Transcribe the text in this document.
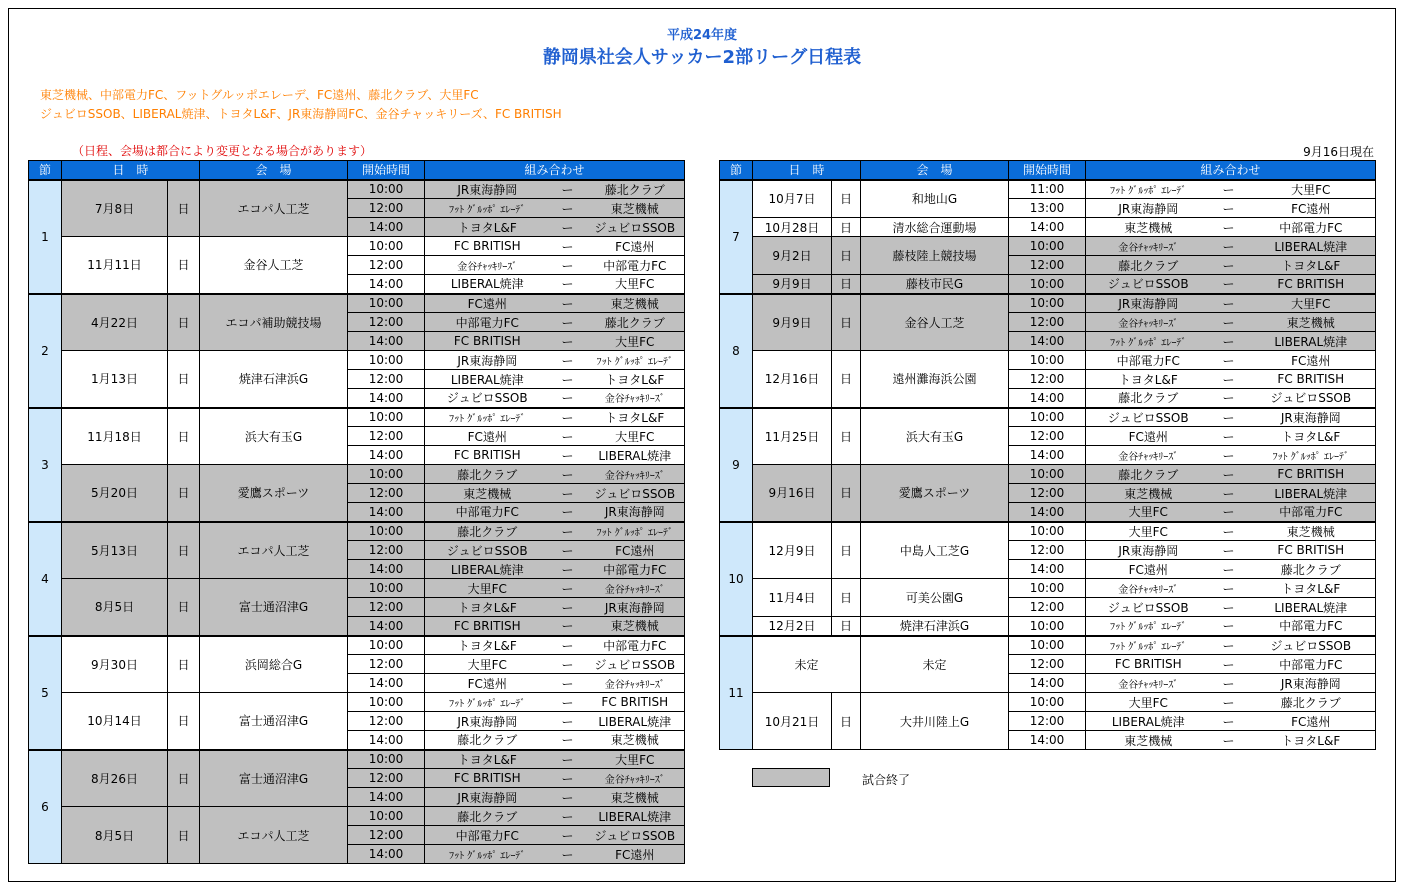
平成24年度
静岡県社会人サッカー2部リーグ日程表
東芝機械、中部電力FC、フットグルッポエレーデ、FC遠州、藤北クラブ、大里FC
ジュビロSSOB、LIBERAL焼津、トヨタL&F、JR東海静岡FC、金谷チャッキリーズ、FC BRITISH
（日程、会場は都合により変更となる場合があります）	9月16日現在
節	日　時		会　場	開始時間	組み合わせ		
1	7月8日	日	エコパ人工芝	10:00	JR東海静岡	ー	藤北クラブ
				12:00	ﾌｯﾄ ｸﾞﾙｯﾎﾟ ｴﾚｰﾃﾞ	ー	東芝機械
				14:00	トヨタL&F	ー	ジュビロSSOB
	11月11日	日	金谷人工芝	10:00	FC BRITISH	ー	FC遠州
				12:00	金谷ﾁｬｯｷﾘｰｽﾞ	ー	中部電力FC
				14:00	LIBERAL焼津	ー	大里FC
2	4月22日	日	エコパ補助競技場	10:00	FC遠州	ー	東芝機械
				12:00	中部電力FC	ー	藤北クラブ
				14:00	FC BRITISH	ー	大里FC
	1月13日	日	焼津石津浜G	10:00	JR東海静岡	ー	ﾌｯﾄ ｸﾞﾙｯﾎﾟ ｴﾚｰﾃﾞ
				12:00	LIBERAL焼津	ー	トヨタL&F
				14:00	ジュビロSSOB	ー	金谷ﾁｬｯｷﾘｰｽﾞ
3	11月18日	日	浜大有玉G	10:00	ﾌｯﾄ ｸﾞﾙｯﾎﾟ ｴﾚｰﾃﾞ	ー	トヨタL&F
				12:00	FC遠州	ー	大里FC
				14:00	FC BRITISH	ー	LIBERAL焼津
	5月20日	日	愛鷹スポーツ	10:00	藤北クラブ	ー	金谷ﾁｬｯｷﾘｰｽﾞ
				12:00	東芝機械	ー	ジュビロSSOB
				14:00	中部電力FC	ー	JR東海静岡
4	5月13日	日	エコパ人工芝	10:00	藤北クラブ	ー	ﾌｯﾄ ｸﾞﾙｯﾎﾟ ｴﾚｰﾃﾞ
				12:00	ジュビロSSOB	ー	FC遠州
				14:00	LIBERAL焼津	ー	中部電力FC
	8月5日	日	富士通沼津G	10:00	大里FC	ー	金谷ﾁｬｯｷﾘｰｽﾞ
				12:00	トヨタL&F	ー	JR東海静岡
				14:00	FC BRITISH	ー	東芝機械
5	9月30日	日	浜岡総合G	10:00	トヨタL&F	ー	中部電力FC
				12:00	大里FC	ー	ジュビロSSOB
				14:00	FC遠州	ー	金谷ﾁｬｯｷﾘｰｽﾞ
	10月14日	日	富士通沼津G	10:00	ﾌｯﾄ ｸﾞﾙｯﾎﾟ ｴﾚｰﾃﾞ	ー	FC BRITISH
				12:00	JR東海静岡	ー	LIBERAL焼津
				14:00	藤北クラブ	ー	東芝機械
6	8月26日	日	富士通沼津G	10:00	トヨタL&F	ー	大里FC
				12:00	FC BRITISH	ー	金谷ﾁｬｯｷﾘｰｽﾞ
				14:00	JR東海静岡	ー	東芝機械
	8月5日	日	エコパ人工芝	10:00	藤北クラブ	ー	LIBERAL焼津
				12:00	中部電力FC	ー	ジュビロSSOB
				14:00	ﾌｯﾄ ｸﾞﾙｯﾎﾟ ｴﾚｰﾃﾞ	ー	FC遠州
節	日　時		会　場	開始時間	組み合わせ		
7	10月7日	日	和地山G	11:00	ﾌｯﾄ ｸﾞﾙｯﾎﾟ ｴﾚｰﾃﾞ	ー	大里FC
				13:00	JR東海静岡	ー	FC遠州
	10月28日	日	清水総合運動場	14:00	東芝機械	ー	中部電力FC
	9月2日	日	藤枝陸上競技場	10:00	金谷ﾁｬｯｷﾘｰｽﾞ	ー	LIBERAL焼津
				12:00	藤北クラブ	ー	トヨタL&F
	9月9日	日	藤枝市民G	10:00	ジュビロSSOB	ー	FC BRITISH
8	9月9日	日	金谷人工芝	10:00	JR東海静岡	ー	大里FC
				12:00	金谷ﾁｬｯｷﾘｰｽﾞ	ー	東芝機械
				14:00	ﾌｯﾄ ｸﾞﾙｯﾎﾟ ｴﾚｰﾃﾞ	ー	LIBERAL焼津
	12月16日	日	遠州灘海浜公園	10:00	中部電力FC	ー	FC遠州
				12:00	トヨタL&F	ー	FC BRITISH
				14:00	藤北クラブ	ー	ジュビロSSOB
9	11月25日	日	浜大有玉G	10:00	ジュビロSSOB	ー	JR東海静岡
				12:00	FC遠州	ー	トヨタL&F
				14:00	金谷ﾁｬｯｷﾘｰｽﾞ	ー	ﾌｯﾄ ｸﾞﾙｯﾎﾟ ｴﾚｰﾃﾞ
	9月16日	日	愛鷹スポーツ	10:00	藤北クラブ	ー	FC BRITISH
				12:00	東芝機械	ー	LIBERAL焼津
				14:00	大里FC	ー	中部電力FC
10	12月9日	日	中島人工芝G	10:00	大里FC	ー	東芝機械
				12:00	JR東海静岡	ー	FC BRITISH
				14:00	FC遠州	ー	藤北クラブ
	11月4日	日	可美公園G	10:00	金谷ﾁｬｯｷﾘｰｽﾞ	ー	トヨタL&F
				12:00	ジュビロSSOB	ー	LIBERAL焼津
	12月2日	日	焼津石津浜G	10:00	ﾌｯﾄ ｸﾞﾙｯﾎﾟ ｴﾚｰﾃﾞ	ー	中部電力FC
11	未定		未定	10:00	ﾌｯﾄ ｸﾞﾙｯﾎﾟ ｴﾚｰﾃﾞ	ー	ジュビロSSOB
				12:00	FC BRITISH	ー	中部電力FC
				14:00	金谷ﾁｬｯｷﾘｰｽﾞ	ー	JR東海静岡
	10月21日	日	大井川陸上G	10:00	大里FC	ー	藤北クラブ
				12:00	LIBERAL焼津	ー	FC遠州
				14:00	東芝機械	ー	トヨタL&F
試合終了
